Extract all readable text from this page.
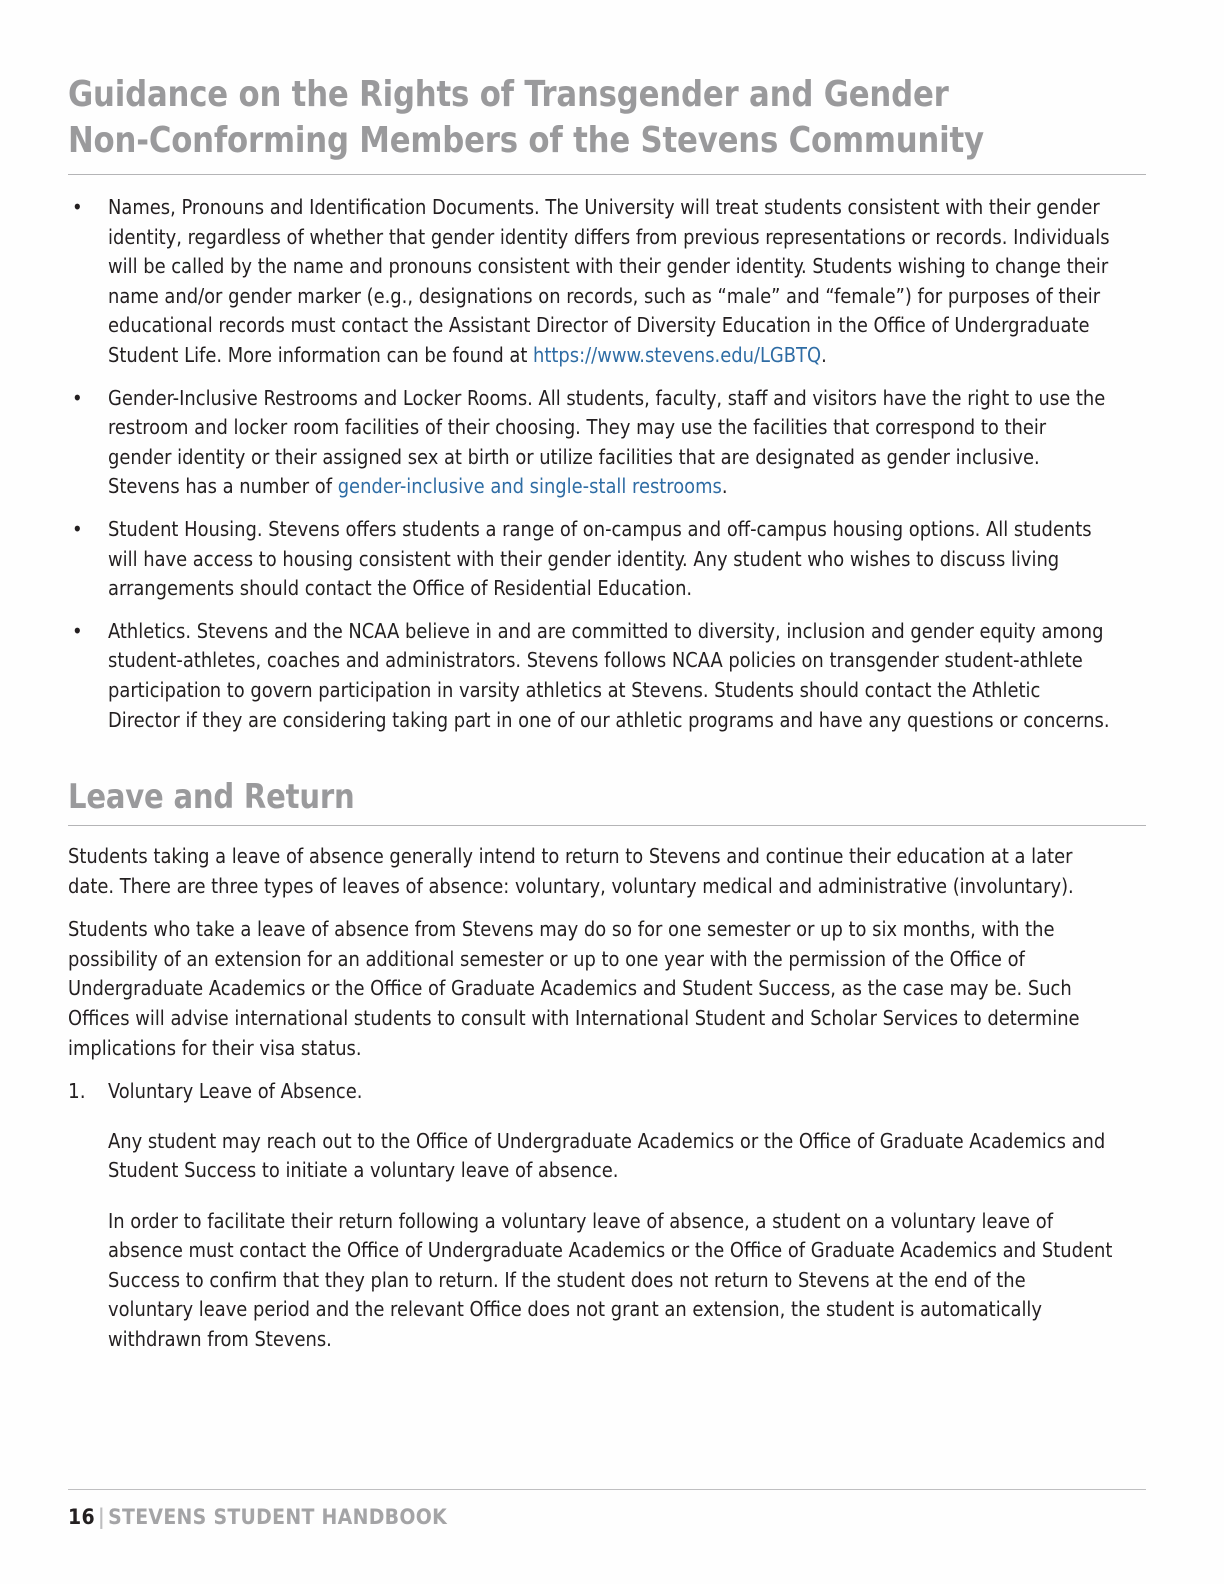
Guidance on the Rights of Transgender and Gender
Non-Conforming Members of the Stevens Community
• Names, Pronouns and Identification Documents. The University will treat students consistent with their gender identity, regardless of whether that gender identity differs from previous representations or records. Individuals will be called by the name and pronouns consistent with their gender identity. Students wishing to change their name and/or gender marker (e.g., designations on records, such as “male” and “female”) for purposes of their educational records must contact the Assistant Director of Diversity Education in the Office of Undergraduate Student Life. More information can be found at https://www.stevens.edu/LGBTQ.
• Gender-Inclusive Restrooms and Locker Rooms. All students, faculty, staff and visitors have the right to use the restroom and locker room facilities of their choosing. They may use the facilities that correspond to their gender identity or their assigned sex at birth or utilize facilities that are designated as gender inclusive. Stevens has a number of gender-inclusive and single-stall restrooms.
• Student Housing. Stevens offers students a range of on-campus and off-campus housing options. All students will have access to housing consistent with their gender identity. Any student who wishes to discuss living arrangements should contact the Office of Residential Education.
• Athletics. Stevens and the NCAA believe in and are committed to diversity, inclusion and gender equity among student-athletes, coaches and administrators. Stevens follows NCAA policies on transgender student-athlete participation to govern participation in varsity athletics at Stevens. Students should contact the Athletic Director if they are considering taking part in one of our athletic programs and have any questions or concerns.
Leave and Return

Students taking a leave of absence generally intend to return to Stevens and continue their education at a later date. There are three types of leaves of absence: voluntary, voluntary medical and administrative (involuntary).

Students who take a leave of absence from Stevens may do so for one semester or up to six months, with the possibility of an extension for an additional semester or up to one year with the permission of the Office of Undergraduate Academics or the Office of Graduate Academics and Student Success, as the case may be. Such Offices will advise international students to consult with International Student and Scholar Services to determine implications for their visa status.

1. Voluntary Leave of Absence.

Any student may reach out to the Office of Undergraduate Academics or the Office of Graduate Academics and Student Success to initiate a voluntary leave of absence.

In order to facilitate their return following a voluntary leave of absence, a student on a voluntary leave of absence must contact the Office of Undergraduate Academics or the Office of Graduate Academics and Student Success to confirm that they plan to return. If the student does not return to Stevens at the end of the voluntary leave period and the relevant Office does not grant an extension, the student is automatically withdrawn from Stevens.

16 | STEVENS STUDENT HANDBOOK
